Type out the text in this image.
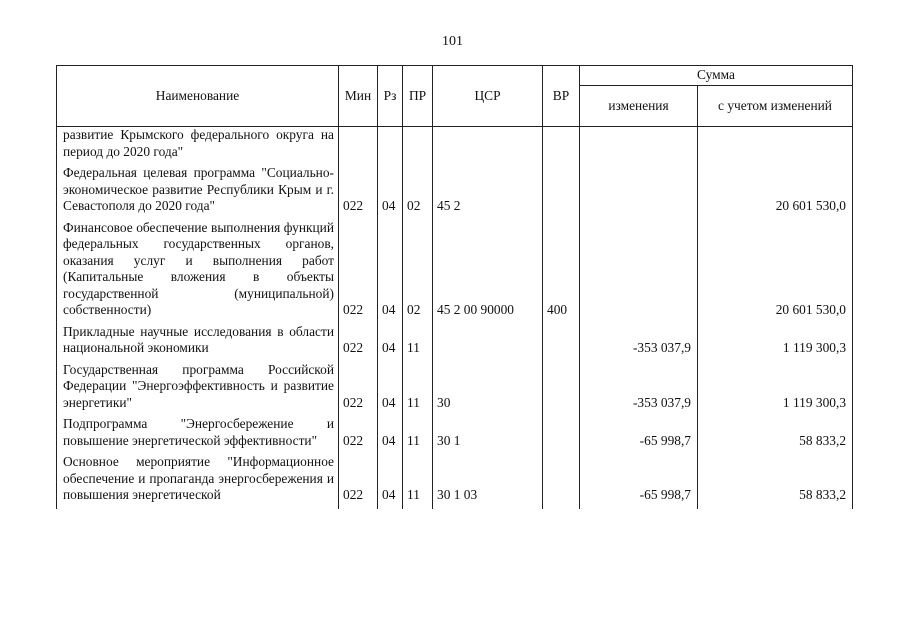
101
Наименование	Мин	Рз	ПР	ЦСР	ВР	Сумма	
						изменения	с учетом изменений
развитие Крымского федерального округа на период до 2020 года"							
Федеральная целевая программа "Социально-экономическое развитие Республики Крым и г. Севастополя до 2020 года"	022	04	02	45 2			20 601 530,0
Финансовое обеспечение выполнения функций федеральных государственных органов, оказания услуг и выполнения работ (Капитальные вложения в объекты государственной (муниципальной) собственности)	022	04	02	45 2 00 90000	400		20 601 530,0
Прикладные научные исследования в области национальной экономики	022	04	11			-353 037,9	1 119 300,3
Государственная программа Российской Федерации "Энергоэффективность и развитие энергетики"	022	04	11	30		-353 037,9	1 119 300,3
Подпрограмма "Энергосбережение и повышение энергетической эффективности"	022	04	11	30 1		-65 998,7	58 833,2
Основное мероприятие "Информационное обеспечение и пропаганда энергосбережения и повышения энергетической	022	04	11	30 1 03		-65 998,7	58 833,2
